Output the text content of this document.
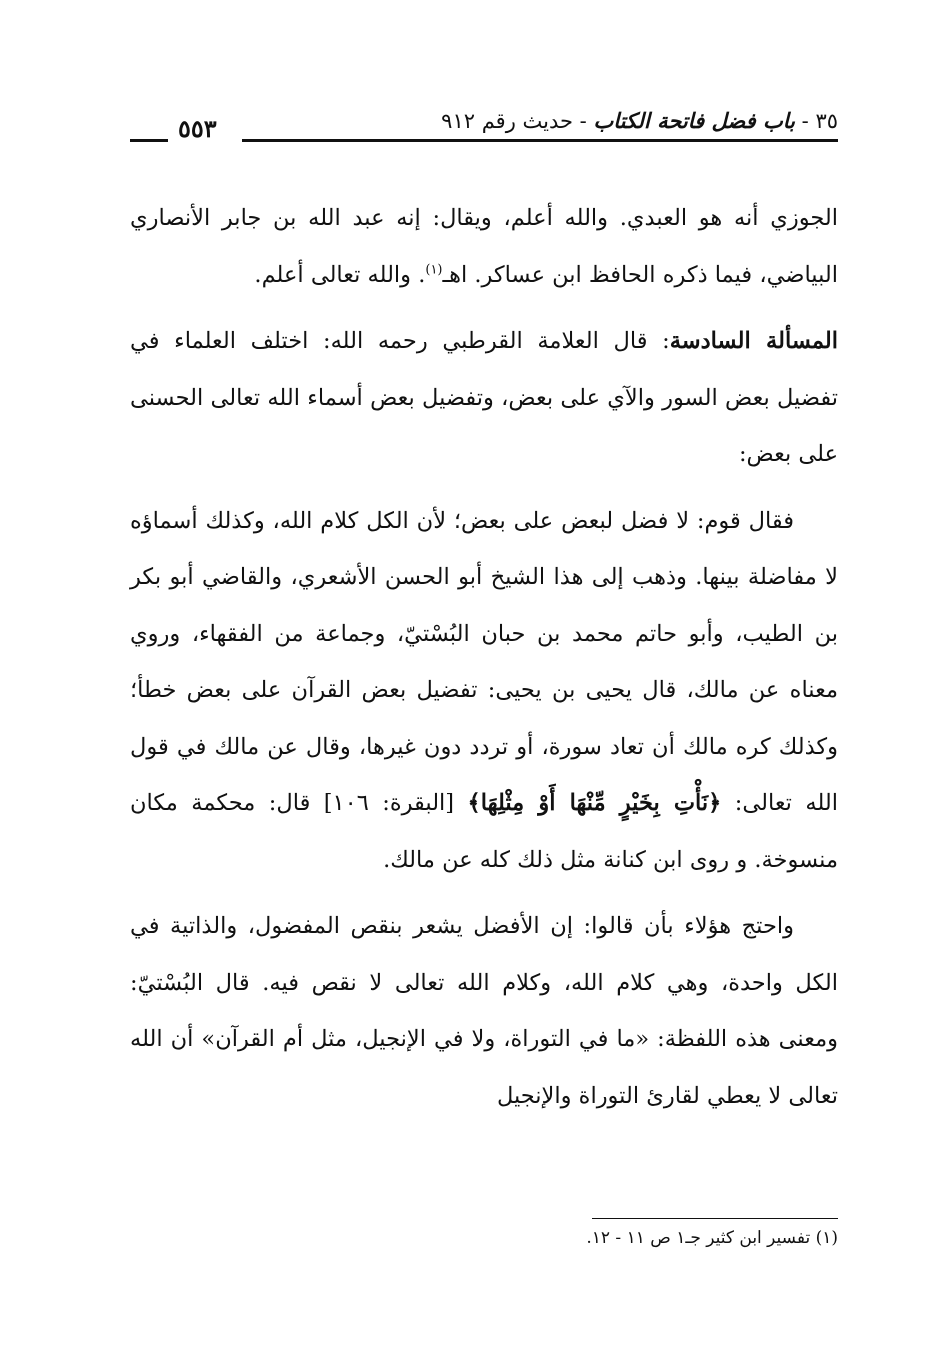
٥٥٣	٣٥ - باب فضل فاتحة الكتاب - حديث رقم ٩١٢

الجوزي أنه هو العبدي. والله أعلم، ويقال: إنه عبد الله بن جابر الأنصاري البياضي، فيما ذكره الحافظ ابن عساكر. اهـ$^{(١)}$. والله تعالى أعلم.

المسألة السادسة: قال العلامة القرطبي رحمه الله: اختلف العلماء في تفضيل بعض السور والآي على بعض، وتفضيل بعض أسماء الله تعالى الحسنى على بعض:

فقال قوم: لا فضل لبعض على بعض؛ لأن الكل كلام الله، وكذلك أسماؤه لا مفاضلة بينها. وذهب إلى هذا الشيخ أبو الحسن الأشعري، والقاضي أبو بكر بن الطيب، وأبو حاتم محمد بن حبان البُسْتيّ، وجماعة من الفقهاء، وروي معناه عن مالك، قال يحيى بن يحيى: تفضيل بعض القرآن على بعض خطأ؛ وكذلك كره مالك أن تعاد سورة، أو تردد دون غيرها، وقال عن مالك في قول الله تعالى: ﴿نَأْتِ بِخَيْرٍ مِّنْهَا أَوْ مِثْلِهَا﴾ [البقرة: ١٠٦] قال: محكمة مكان منسوخة. و روى ابن كنانة مثل ذلك كله عن مالك.

واحتج هؤلاء بأن قالوا: إن الأفضل يشعر بنقص المفضول، والذاتية في الكل واحدة، وهي كلام الله، وكلام الله تعالى لا نقص فيه. قال البُسْتيّ: ومعنى هذه اللفظة: «ما في التوراة، ولا في الإنجيل، مثل أم القرآن» أن الله تعالى لا يعطي لقارئ التوراة والإنجيل

(١) تفسير ابن كثير جـ١ ص ١١ - ١٢.
